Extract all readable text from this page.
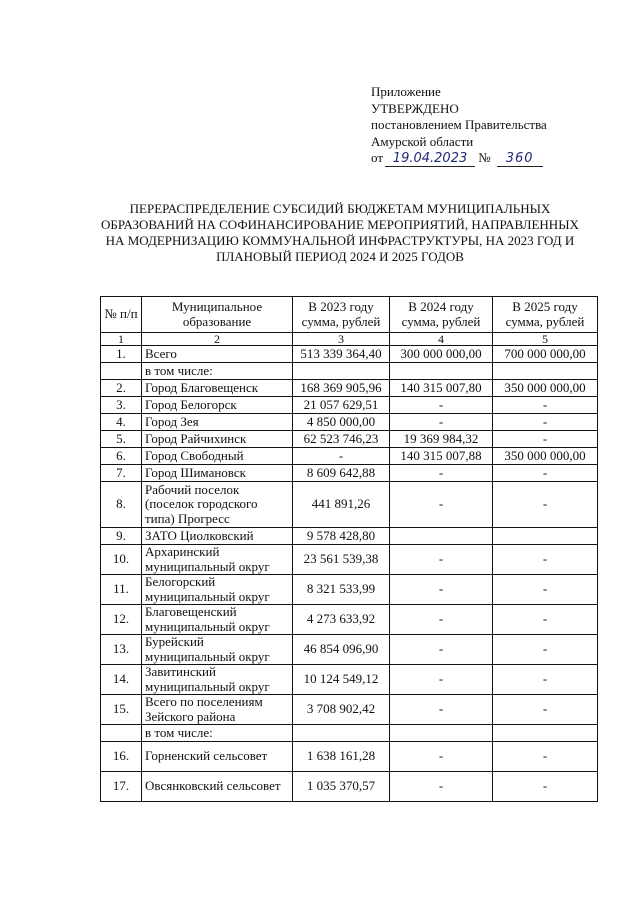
Приложение
УТВЕРЖДЕНО
постановлением Правительства
Амурской области
от 19.04.2023 № 360
ПЕРЕРАСПРЕДЕЛЕНИЕ СУБСИДИЙ БЮДЖЕТАМ МУНИЦИПАЛЬНЫХ ОБРАЗОВАНИЙ НА СОФИНАНСИРОВАНИЕ МЕРОПРИЯТИЙ, НАПРАВЛЕННЫХ НА МОДЕРНИЗАЦИЮ КОММУНАЛЬНОЙ ИНФРАСТРУКТУРЫ, НА 2023 ГОД И ПЛАНОВЫЙ ПЕРИОД 2024 И 2025 ГОДОВ
№ п/п	Муниципальное образование	В 2023 году сумма, рублей	В 2024 году сумма, рублей	В 2025 году сумма, рублей
1	2	3	4	5
1.	Всего	513 339 364,40	300 000 000,00	700 000 000,00
	в том числе:			
2.	Город Благовещенск	168 369 905,96	140 315 007,80	350 000 000,00
3.	Город Белогорск	21 057 629,51	-	-
4.	Город Зея	4 850 000,00	-	-
5.	Город Райчихинск	62 523 746,23	19 369 984,32	-
6.	Город Свободный	-	140 315 007,88	350 000 000,00
7.	Город Шимановск	8 609 642,88	-	-
8.	Рабочий поселок (поселок городского типа) Прогресс	441 891,26	-	-
9.	ЗАТО Циолковский	9 578 428,80		
10.	Архаринский муниципальный округ	23 561 539,38	-	-
11.	Белогорский муниципальный округ	8 321 533,99	-	-
12.	Благовещенский муниципальный округ	4 273 633,92	-	-
13.	Бурейский муниципальный округ	46 854 096,90	-	-
14.	Завитинский муниципальный округ	10 124 549,12	-	-
15.	Всего по поселениям Зейского района	3 708 902,42	-	-
	в том числе:			
16.	Горненский сельсовет	1 638 161,28	-	-
17.	Овсянковский сельсовет	1 035 370,57	-	-
